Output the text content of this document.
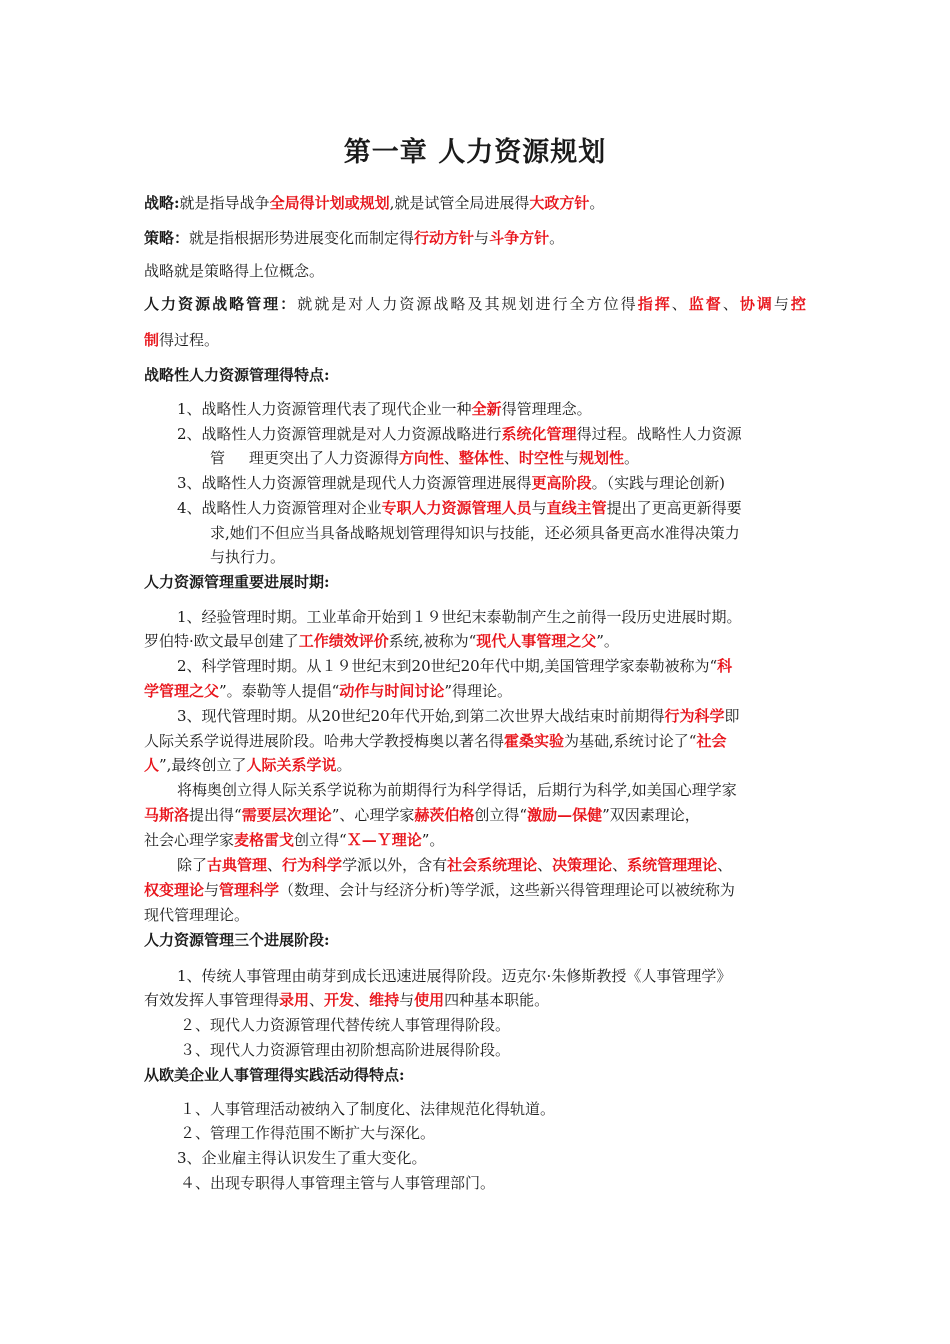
第一章 人力资源规划
战略:就是指导战争全局得计划或规划,就是试管全局进展得大政方针。
策略：就是指根据形势进展变化而制定得行动方针与斗争方针。
战略就是策略得上位概念。
人力资源战略管理：就就是对人力资源战略及其规划进行全方位得指挥、监督、协调与控
制得过程。
战略性人力资源管理得特点:
1、战略性人力资源管理代表了现代企业一种全新得管理理念。
2、战略性人力资源管理就是对人力资源战略进行系统化管理得过程。战略性人力资源
管     理更突出了人力资源得方向性、整体性、时空性与规划性。
3、战略性人力资源管理就是现代人力资源管理进展得更高阶段。（实践与理论创新)
4、战略性人力资源管理对企业专职人力资源管理人员与直线主管提出了更高更新得要
求,她们不但应当具备战略规划管理得知识与技能，还必须具备更高水准得决策力
与执行力。
人力资源管理重要进展时期:
1、经验管理时期。工业革命开始到１９世纪末泰勒制产生之前得一段历史进展时期。
罗伯特·欧文最早创建了工作绩效评价系统,被称为“现代人事管理之父”。
2、科学管理时期。从１９世纪末到20世纪20年代中期,美国管理学家泰勒被称为“科
学管理之父”。泰勒等人提倡“动作与时间讨论”得理论。
3、现代管理时期。从20世纪20年代开始,到第二次世界大战结束时前期得行为科学即
人际关系学说得进展阶段。哈弗大学教授梅奥以著名得霍桑实验为基础,系统讨论了“社会
人”,最终创立了人际关系学说。
将梅奥创立得人际关系学说称为前期得行为科学得话，后期行为科学,如美国心理学家
马斯洛提出得“需要层次理论”、心理学家赫茨伯格创立得“激励—保健”双因素理论，
社会心理学家麦格雷戈创立得“Ｘ—Ｙ理论”。
除了古典管理、行为科学学派以外，含有社会系统理论、决策理论、系统管理理论、
权变理论与管理科学（数理、会计与经济分析)等学派，这些新兴得管理理论可以被统称为
现代管理理论。
人力资源管理三个进展阶段:
1、传统人事管理由萌芽到成长迅速进展得阶段。迈克尔·朱修斯教授《人事管理学》
有效发挥人事管理得录用、开发、维持与使用四种基本职能。
２、现代人力资源管理代替传统人事管理得阶段。
３、现代人力资源管理由初阶想高阶进展得阶段。
从欧美企业人事管理得实践活动得特点:
１、人事管理活动被纳入了制度化、法律规范化得轨道。
２、管理工作得范围不断扩大与深化。
3、企业雇主得认识发生了重大变化。
４、出现专职得人事管理主管与人事管理部门。
